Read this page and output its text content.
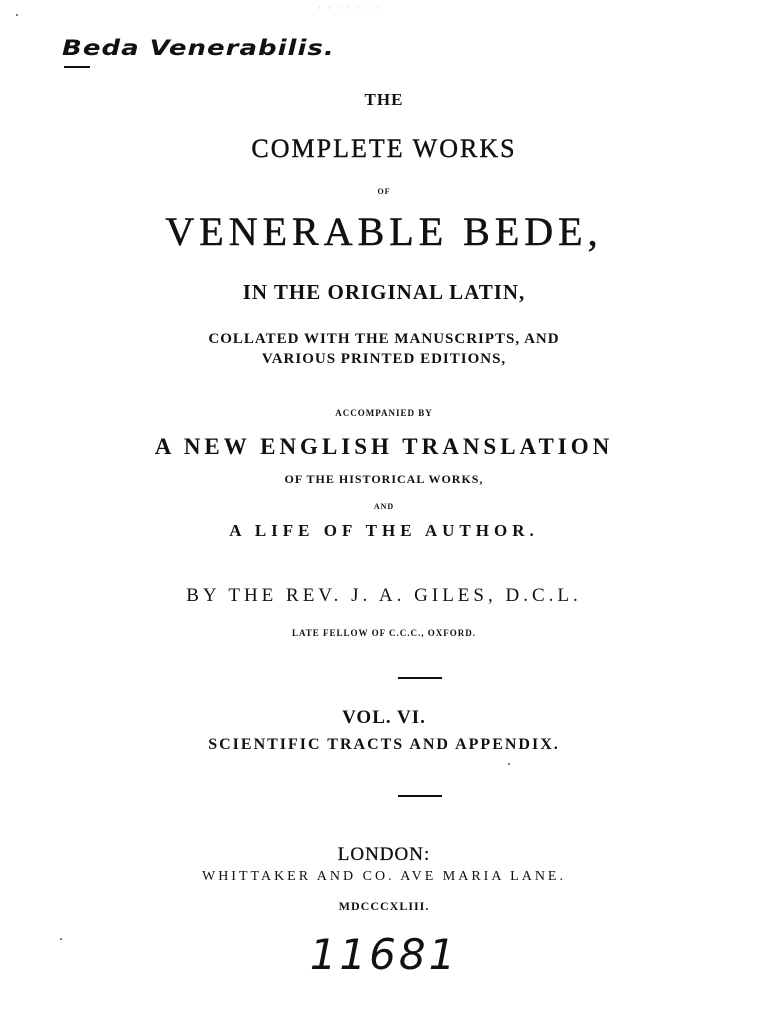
· · · · · · ·
Beda Venerabilis.
THE
COMPLETE WORKS
OF
VENERABLE BEDE,
IN THE ORIGINAL LATIN,
COLLATED WITH THE MANUSCRIPTS, AND
VARIOUS PRINTED EDITIONS,
ACCOMPANIED BY
A NEW ENGLISH TRANSLATION
OF THE HISTORICAL WORKS,
AND
A LIFE OF THE AUTHOR.
BY THE REV. J. A. GILES, D.C.L.
LATE FELLOW OF C.C.C., OXFORD.
VOL. VI.
SCIENTIFIC TRACTS AND APPENDIX.
LONDON:
WHITTAKER AND CO. AVE MARIA LANE.
MDCCCXLIII.
11681
